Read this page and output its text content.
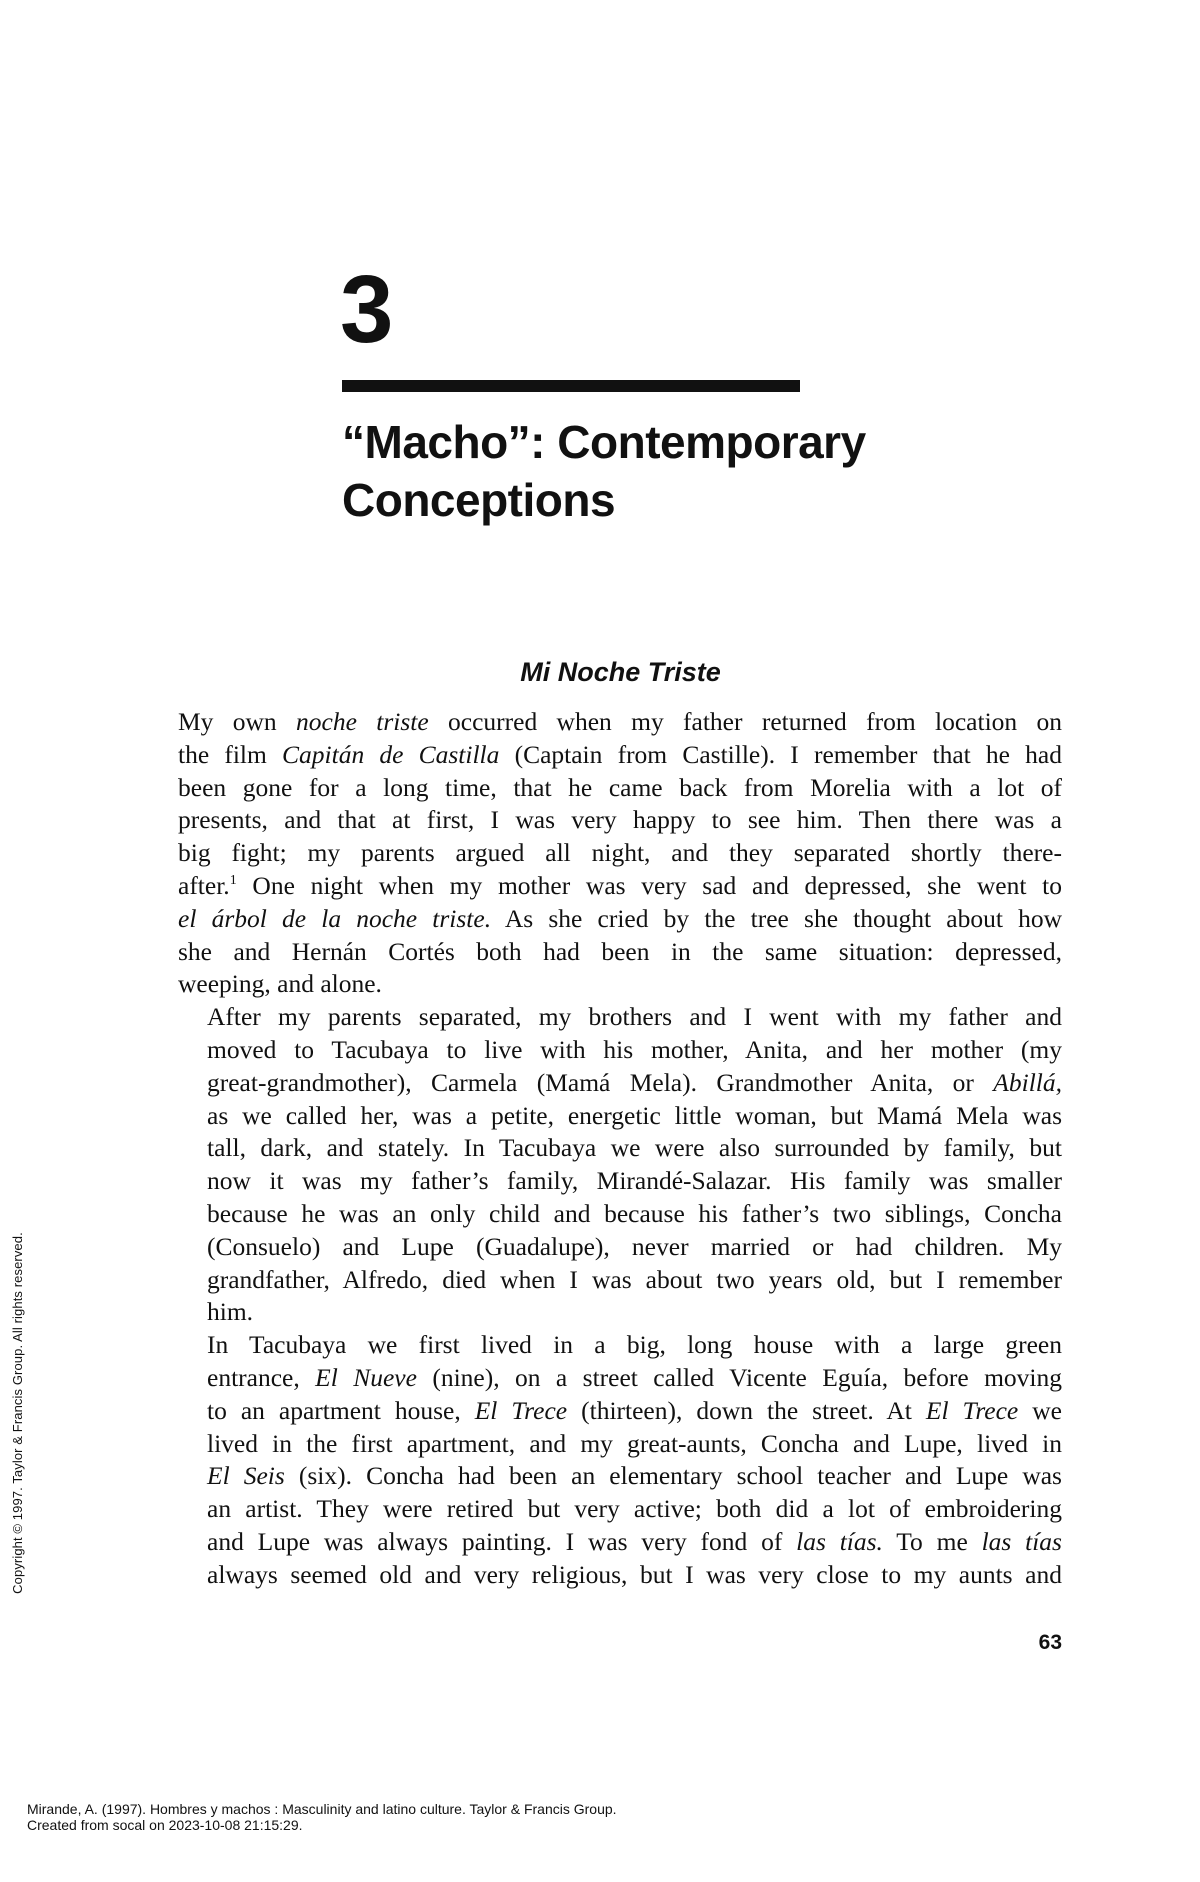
3
“Macho”: Contemporary
Conceptions
Mi Noche Triste

My own noche triste occurred when my father returned from location on
the film Capitán de Castilla (Captain from Castille). I remember that he had
been gone for a long time, that he came back from Morelia with a lot of
presents, and that at first, I was very happy to see him. Then there was a
big fight; my parents argued all night, and they separated shortly there-
after.$^1$ One night when my mother was very sad and depressed, she went to
el árbol de la noche triste. As she cried by the tree she thought about how
she and Hernán Cortés both had been in the same situation: depressed,
weeping, and alone.

After my parents separated, my brothers and I went with my father and
moved to Tacubaya to live with his mother, Anita, and her mother (my
great-grandmother), Carmela (Mamá Mela). Grandmother Anita, or Abillá,
as we called her, was a petite, energetic little woman, but Mamá Mela was
tall, dark, and stately. In Tacubaya we were also surrounded by family, but
now it was my father’s family, Mirandé-Salazar. His family was smaller
because he was an only child and because his father’s two siblings, Concha
(Consuelo) and Lupe (Guadalupe), never married or had children. My
grandfather, Alfredo, died when I was about two years old, but I remember
him.

In Tacubaya we first lived in a big, long house with a large green
entrance, El Nueve (nine), on a street called Vicente Eguía, before moving
to an apartment house, El Trece (thirteen), down the street. At El Trece we
lived in the first apartment, and my great-aunts, Concha and Lupe, lived in
El Seis (six). Concha had been an elementary school teacher and Lupe was
an artist. They were retired but very active; both did a lot of embroidering
and Lupe was always painting. I was very fond of las tías. To me las tías
always seemed old and very religious, but I was very close to my aunts and

63
Copyright © 1997. Taylor & Francis Group. All rights reserved.
Mirande, A. (1997). Hombres y machos : Masculinity and latino culture. Taylor & Francis Group.
Created from socal on 2023-10-08 21:15:29.
